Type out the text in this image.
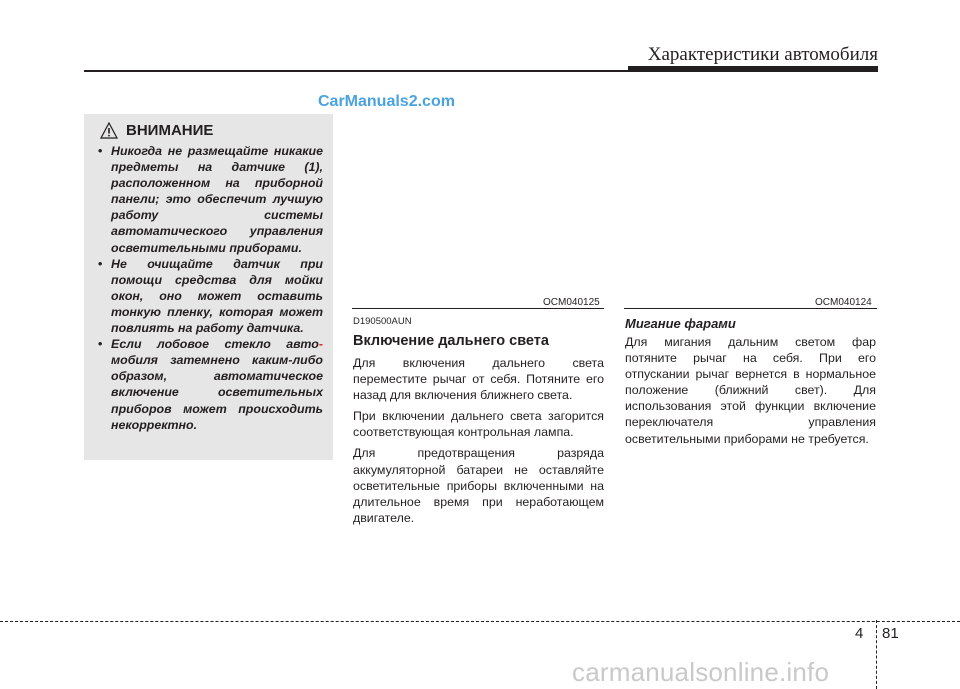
Характеристики автомобиля
CarManuals2.com
ВНИМАНИЕ
• Никогда не размещайте никакие предметы на датчике (1), расположенном на приборной панели; это обеспечит лучшую работу системы автоматического управления осветительными приборами.
• Не очищайте датчик при помощи средства для мойки окон, оно может оставить тонкую пленку, которая может повлиять на работу датчика.
• Если лобовое стекло авто- мобиля затемнено каким-либо образом, автоматическое включение осветительных приборов может происходить некорректно.
OCM040125	OCM040124
D190500AUN
Включение дальнего света

Для включения дальнего света переместите рычаг от себя. Потяните его назад для включения ближнего света.

При включении дальнего света загорится соответствующая контрольная лампа.

Для предотвращения разряда аккумуляторной батареи не оставляйте осветительные приборы включенными на длительное время при неработающем двигателе.

Мигание фарами

Для мигания дальним светом фар потяните рычаг на себя. При его отпускании рычаг вернется в нормальное положение (ближний свет). Для использования этой функции включение переключателя управления осветительными приборами не требуется.

4 81
carmanualsonline.info
